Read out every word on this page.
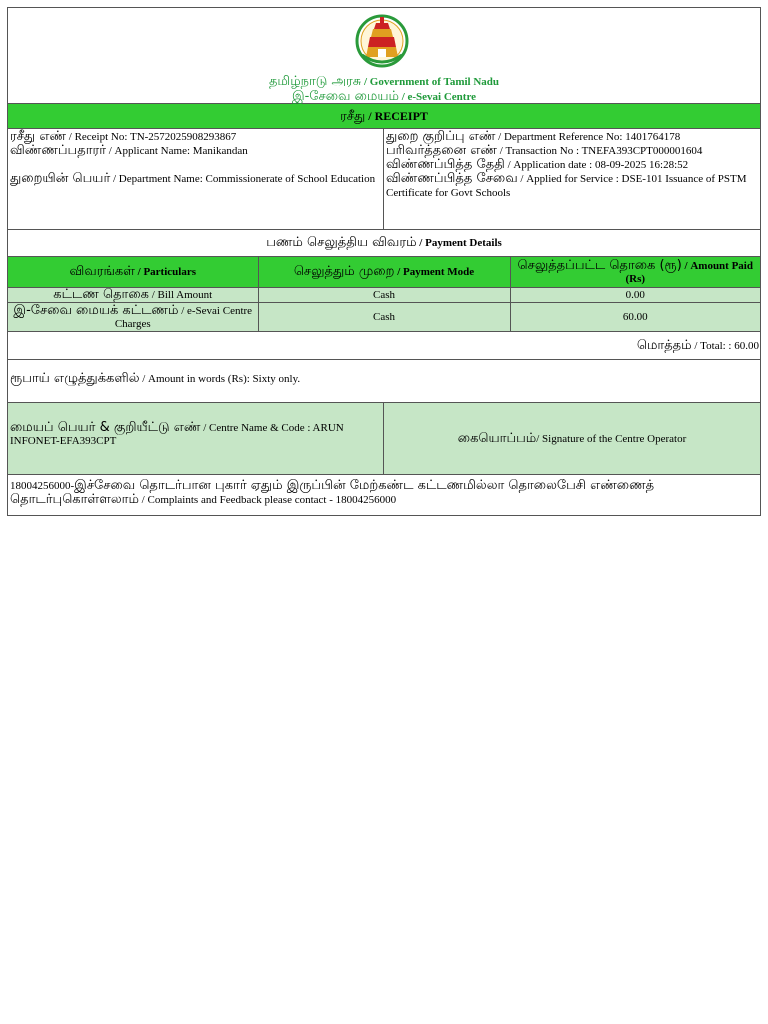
தமிழ்நாடு அரசு / Government of Tamil Nadu
இ-சேவை மையம் / e-Sevai Centre
ரசீது / RECEIPT
ரசீது எண் / Receipt No: TN-2572025908293867
விண்ணப்பதாரர் / Applicant Name: Manikandan
துறையின் பெயர் / Department Name: Commissionerate of School Education
துறை குறிப்பு எண் / Department Reference No: 1401764178
பரிவர்த்தனை எண் / Transaction No : TNEFA393CPT000001604
விண்ணப்பித்த தேதி / Application date : 08-09-2025 16:28:52
விண்ணப்பித்த சேவை / Applied for Service : DSE-101 Issuance of PSTM Certificate for Govt Schools
பணம் செலுத்திய விவரம் / Payment Details
விவரங்கள் / Particulars	செலுத்தும் முறை / Payment Mode	செலுத்தப்பட்ட தொகை (ரூ) / Amount Paid (Rs)
கட்டண தொகை / Bill Amount	Cash	0.00
இ-சேவை மையக் கட்டணம் / e-Sevai Centre Charges	Cash	60.00
மொத்தம் / Total: : 60.00
ரூபாய் எழுத்துக்களில் / Amount in words (Rs): Sixty only.
மையப் பெயர் & குறியீட்டு எண் / Centre Name & Code : ARUN INFONET-EFA393CPT	கையொப்பம் / Signature of the Centre Operator
18004256000-இச்சேவை தொடர்பான புகார் ஏதும் இருப்பின் மேற்கண்ட கட்டணமில்லா தொலைபேசி எண்ணைத் தொடர்புகொள்ளலாம் / Complaints and Feedback please contact - 18004256000
